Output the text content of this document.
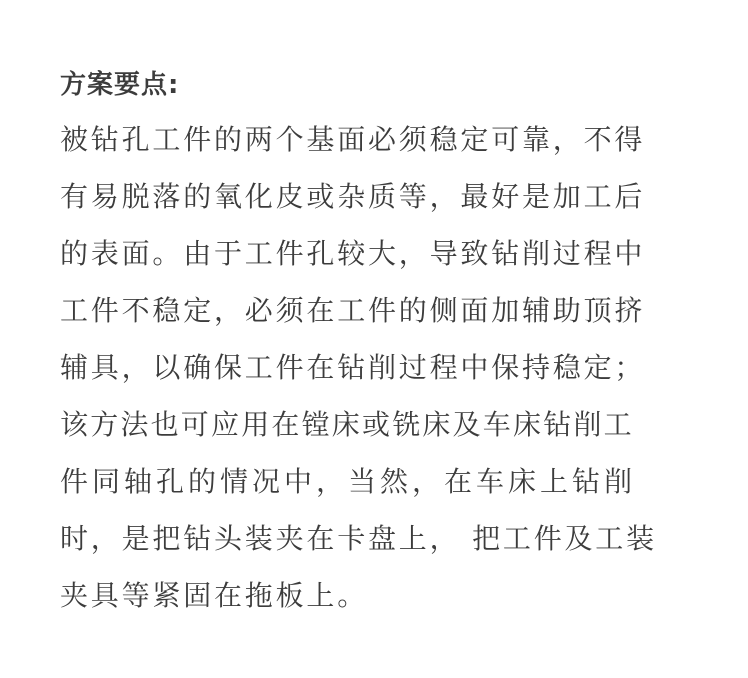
方案要点:
被钻孔工件的两个基面必须稳定可靠，不得
有易脱落的氧化皮或杂质等，最好是加工后
的表面。由于工件孔较大，导致钻削过程中
工件不稳定，必须在工件的侧面加辅助顶挤
辅具，以确保工件在钻削过程中保持稳定；
该方法也可应用在镗床或铣床及车床钻削工
件同轴孔的情况中，当然，在车床上钻削
时，是把钻头装夹在卡盘上， 把工件及工装
夹具等紧固在拖板上。
